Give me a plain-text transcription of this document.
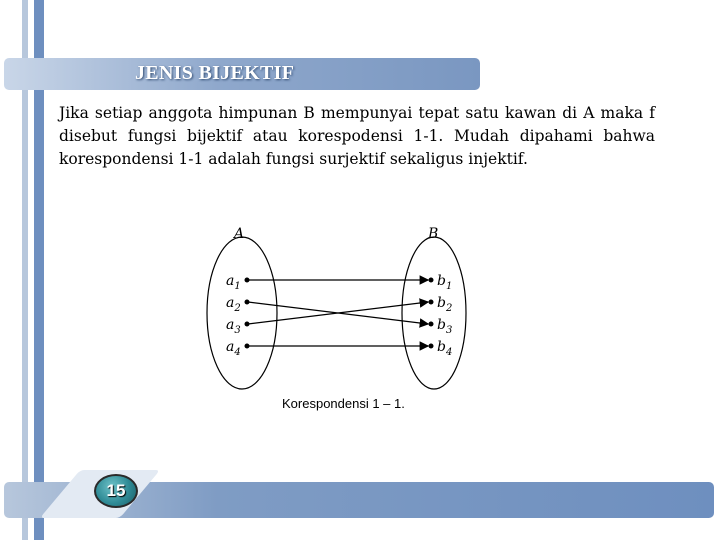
JENIS BIJEKTIF
Jika setiap anggota himpunan B mempunyai tepat satu kawan di A maka f disebut fungsi bijektif atau korespodensi 1-1. Mudah dipahami bahwa korespondensi 1-1 adalah fungsi surjektif sekaligus injektif.
A	B
$a_1$
$a_2$
$a_3$
$a_4$
$b_1$
$b_2$
$b_3$
$b_4$
Korespondensi 1 – 1.
15
